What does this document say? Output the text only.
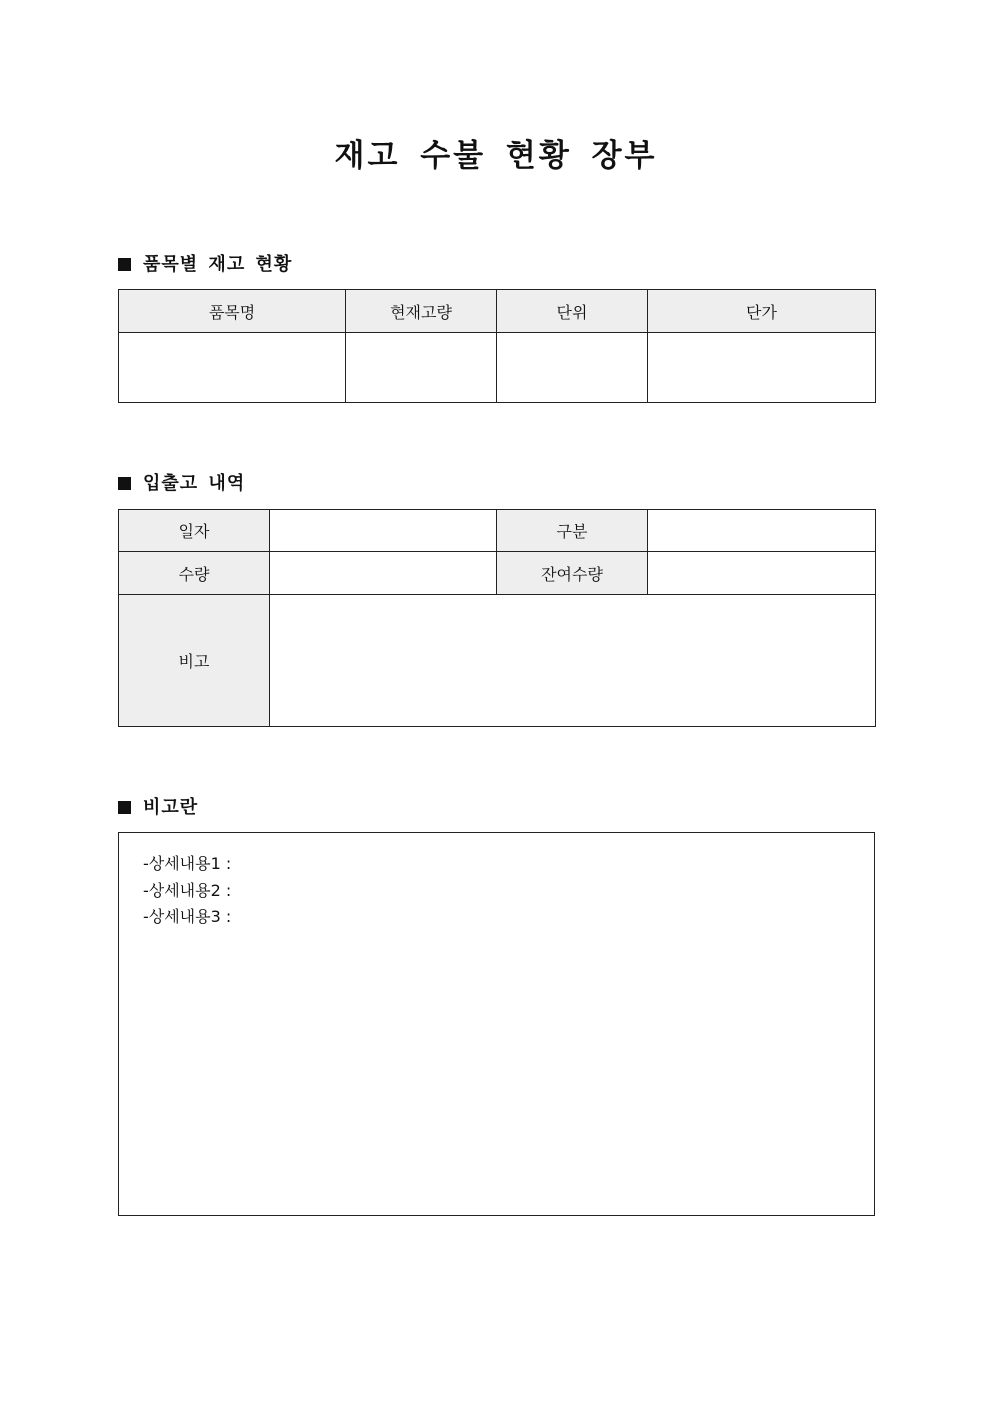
재고 수불 현황 장부
품목별 재고 현황
품목명	현재고량	단위	단가

입출고 내역
일자		구분	
수량		잔여수량	
비고			
비고란
-상세내용1 :
-상세내용2 :
-상세내용3 :
